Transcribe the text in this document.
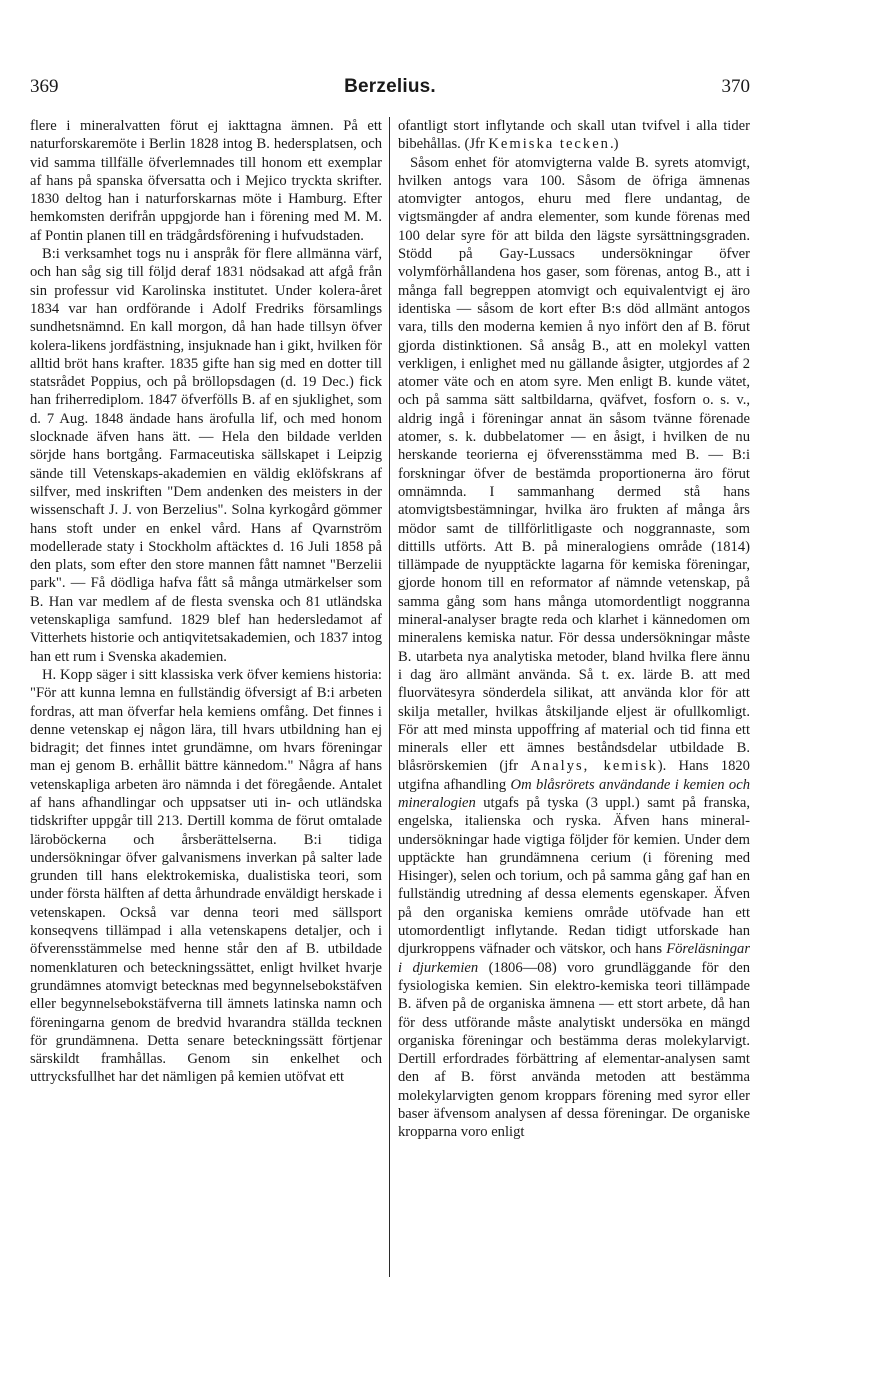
369	Berzelius.	370

flere i mineralvatten förut ej iakttagna ämnen. På ett naturforskaremöte i Berlin 1828 intog B. hedersplatsen, och vid samma tillfälle öfverlemnades till honom ett exemplar af hans på spanska öfversatta och i Mejico tryckta skrifter. 1830 deltog han i naturforskarnas möte i Hamburg. Efter hemkomsten derifrån uppgjorde han i förening med M. M. af Pontin planen till en trädgårdsförening i hufvudstaden.

B:i verksamhet togs nu i anspråk för flere allmänna värf, och han såg sig till följd deraf 1831 nödsakad att afgå från sin professur vid Karolinska institutet. Under kolera-året 1834 var han ordförande i Adolf Fredriks församlings sundhetsnämnd. En kall morgon, då han hade tillsyn öfver kolera-likens jordfästning, insjuknade han i gikt, hvilken för alltid bröt hans krafter. 1835 gifte han sig med en dotter till statsrådet Poppius, och på bröllopsdagen (d. 19 Dec.) fick han friherrediplom. 1847 öfverfölls B. af en sjuklighet, som d. 7 Aug. 1848 ändade hans ärofulla lif, och med honom slocknade äfven hans ätt. — Hela den bildade verlden sörjde hans bortgång. Farmaceutiska sällskapet i Leipzig sände till Vetenskaps-akademien en väldig eklöfskrans af silfver, med inskriften "Dem andenken des meisters in der wissenschaft J. J. von Berzelius". Solna kyrkogård gömmer hans stoft under en enkel vård. Hans af Qvarnström modellerade staty i Stockholm aftäcktes d. 16 Juli 1858 på den plats, som efter den store mannen fått namnet "Berzelii park". — Få dödliga hafva fått så många utmärkelser som B. Han var medlem af de flesta svenska och 81 utländska vetenskapliga samfund. 1829 blef han hedersledamot af Vitterhets historie och antiqvitetsakademien, och 1837 intog han ett rum i Svenska akademien.

H. Kopp säger i sitt klassiska verk öfver kemiens historia: "För att kunna lemna en fullständig öfversigt af B:i arbeten fordras, att man öfverfar hela kemiens omfång. Det finnes i denne vetenskap ej någon lära, till hvars utbildning han ej bidragit; det finnes intet grundämne, om hvars föreningar man ej genom B. erhållit bättre kännedom." Några af hans vetenskapliga arbeten äro nämnda i det föregående. Antalet af hans afhandlingar och uppsatser uti in- och utländska tidskrifter uppgår till 213. Dertill komma de förut omtalade läroböckerna och årsberättelserna. B:i tidiga undersökningar öfver galvanismens inverkan på salter lade grunden till hans elektrokemiska, dualistiska teori, som under första hälften af detta århundrade enväldigt herskade i vetenskapen. Också var denna teori med sällsport konseqvens tillämpad i alla vetenskapens detaljer, och i öfverensstämmelse med henne står den af B. utbildade nomenklaturen och beteckningssättet, enligt hvilket hvarje grundämnes atomvigt betecknas med begynnelsebokstäfven eller begynnelsebokstäfverna till ämnets latinska namn och föreningarna genom de bredvid hvarandra ställda tecknen för grundämnena. Detta senare beteckningssätt förtjenar särskildt framhållas. Genom sin enkelhet och uttrycksfullhet har det nämligen på kemien utöfvat ett

ofantligt stort inflytande och skall utan tvifvel i alla tider bibehållas. (Jfr Kemiska tecken.)

Såsom enhet för atomvigterna valde B. syrets atomvigt, hvilken antogs vara 100. Såsom de öfriga ämnenas atomvigter antogos, ehuru med flere undantag, de vigtsmängder af andra elementer, som kunde förenas med 100 delar syre för att bilda den lägste syrsättningsgraden. Stödd på Gay-Lussacs undersökningar öfver volymförhållandena hos gaser, som förenas, antog B., att i många fall begreppen atomvigt och equivalentvigt ej äro identiska — såsom de kort efter B:s död allmänt antogos vara, tills den moderna kemien å nyo infört den af B. förut gjorda distinktionen. Så ansåg B., att en molekyl vatten verkligen, i enlighet med nu gällande åsigter, utgjordes af 2 atomer väte och en atom syre. Men enligt B. kunde vätet, och på samma sätt saltbildarna, qväfvet, fosforn o. s. v., aldrig ingå i föreningar annat än såsom tvänne förenade atomer, s. k. dubbelatomer — en åsigt, i hvilken de nu herskande teorierna ej öfverensstämma med B. — B:i forskningar öfver de bestämda proportionerna äro förut omnämnda. I sammanhang dermed stå hans atomvigtsbestämningar, hvilka äro frukten af många års mödor samt de tillförlitligaste och noggrannaste, som dittills utförts. Att B. på mineralogiens område (1814) tillämpade de nyupptäckte lagarna för kemiska föreningar, gjorde honom till en reformator af nämnde vetenskap, på samma gång som hans många utomordentligt noggranna mineral-analyser bragte reda och klarhet i kännedomen om mineralens kemiska natur. För dessa undersökningar måste B. utarbeta nya analytiska metoder, bland hvilka flere ännu i dag äro allmänt använda. Så t. ex. lärde B. att med fluorvätesyra sönderdela silikat, att använda klor för att skilja metaller, hvilkas åtskiljande eljest är ofullkomligt. För att med minsta uppoffring af material och tid finna ett minerals eller ett ämnes beståndsdelar utbildade B. blåsrörskemien (jfr Analys, kemisk). Hans 1820 utgifna afhandling Om blåsrörets användande i kemien och mineralogien utgafs på tyska (3 uppl.) samt på franska, engelska, italienska och ryska. Äfven hans mineral-undersökningar hade vigtiga följder för kemien. Under dem upptäckte han grundämnena cerium (i förening med Hisinger), selen och torium, och på samma gång gaf han en fullständig utredning af dessa elements egenskaper. Äfven på den organiska kemiens område utöfvade han ett utomordentligt inflytande. Redan tidigt utforskade han djurkroppens väfnader och vätskor, och hans Föreläsningar i djurkemien (1806—08) voro grundläggande för den fysiologiska kemien. Sin elektro-kemiska teori tillämpade B. äfven på de organiska ämnena — ett stort arbete, då han för dess utförande måste analytiskt undersöka en mängd organiska föreningar och bestämma deras molekylarvigt. Dertill erfordrades förbättring af elementar-analysen samt den af B. först använda metoden att bestämma molekylarvigten genom kroppars förening med syror eller baser äfvensom analysen af dessa föreningar. De organiske kropparna voro enligt
